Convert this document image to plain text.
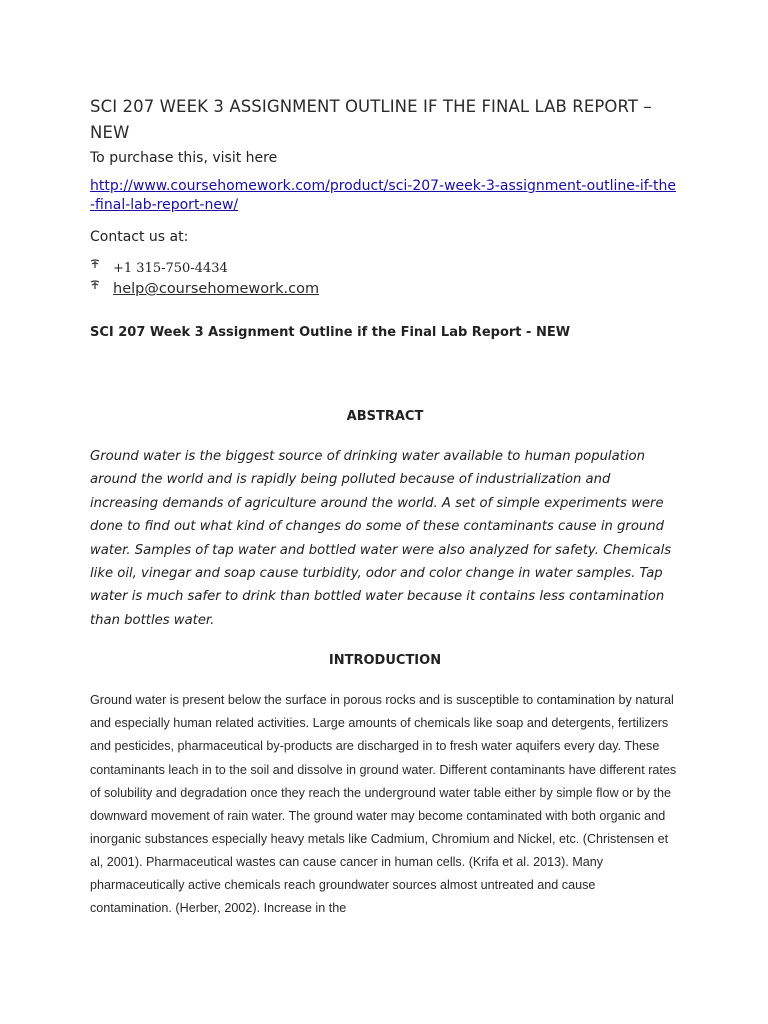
SCI 207 WEEK 3 ASSIGNMENT OUTLINE IF THE FINAL LAB REPORT – NEW

To purchase this, visit here

http://www.coursehomework.com/product/sci-207-week-3-assignment-outline-if-the-final-lab-report-new/

Contact us at:

+1 315-750-4434
help@coursehomework.com

SCI 207 Week 3 Assignment Outline if the Final Lab Report - NEW

ABSTRACT

Ground water is the biggest source of drinking water available to human population around the world and is rapidly being polluted because of industrialization and increasing demands of agriculture around the world. A set of simple experiments were done to find out what kind of changes do some of these contaminants cause in ground water. Samples of tap water and bottled water were also analyzed for safety. Chemicals like oil, vinegar and soap cause turbidity, odor and color change in water samples. Tap water is much safer to drink than bottled water because it contains less contamination than bottles water.

INTRODUCTION

Ground water is present below the surface in porous rocks and is susceptible to contamination by natural and especially human related activities. Large amounts of chemicals like soap and detergents, fertilizers and pesticides, pharmaceutical by-products are discharged in to fresh water aquifers every day. These contaminants leach in to the soil and dissolve in ground water. Different contaminants have different rates of solubility and degradation once they reach the underground water table either by simple flow or by the downward movement of rain water. The ground water may become contaminated with both organic and inorganic substances especially heavy metals like Cadmium, Chromium and Nickel, etc. (Christensen et al, 2001). Pharmaceutical wastes can cause cancer in human cells. (Krifa et al. 2013). Many pharmaceutically active chemicals reach groundwater sources almost untreated and cause contamination. (Herber, 2002). Increase in the
